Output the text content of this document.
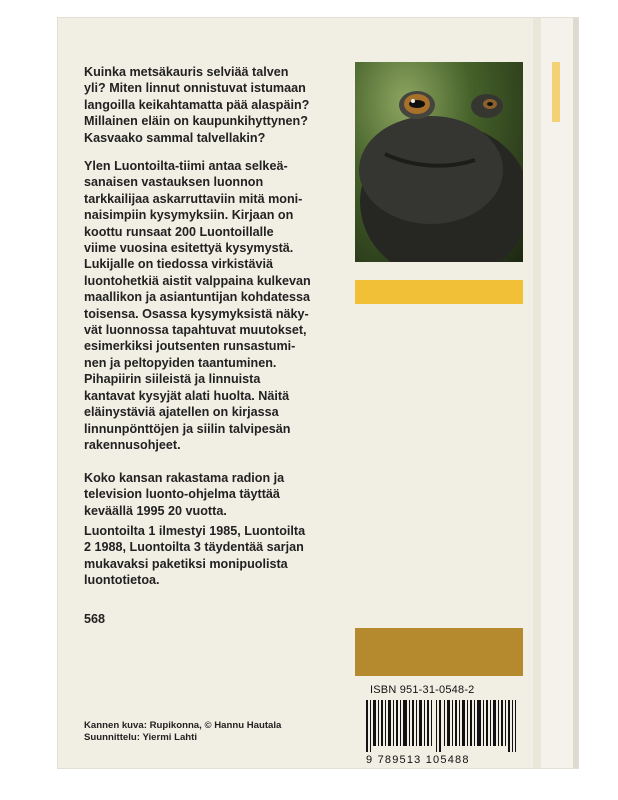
Kuinka metsäkauris selviää talven
yli? Miten linnut onnistuvat istumaan
langoilla keikahtamatta pää alaspäin?
Millainen eläin on kaupunkihyttynen?
Kasvaako sammal talvellakin?
Ylen Luontoilta-tiimi antaa selkeä-
sanaisen vastauksen luonnon
tarkkailijaa askarruttaviin mitä moni-
naisimpiin kysymyksiin. Kirjaan on
koottu runsaat 200 Luontoillalle
viime vuosina esitettyä kysymystä.
Lukijalle on tiedossa virkistäviä
luontohetkiä aistit valppaina kulkevan
maallikon ja asiantuntijan kohdatessa
toisensa. Osassa kysymyksistä näky-
vät luonnossa tapahtuvat muutokset,
esimerkiksi joutsenten runsastumi-
nen ja peltopyiden taantuminen.
Pihapiirin siileistä ja linnuista
kantavat kysyjät alati huolta. Näitä
eläinystäviä ajatellen on kirjassa
linnunpönttöjen ja siilin talvipesän
rakennusohjeet.
Koko kansan rakastama radion ja
television luonto-ohjelma täyttää
keväällä 1995 20 vuotta.
Luontoilta 1 ilmestyi 1985, Luontoilta
2 1988, Luontoilta 3 täydentää sarjan
mukavaksi paketiksi monipuolista
luontotietoa.
568
ISBN 951-31-0548-2
9 789513 105488
Kannen kuva: Rupikonna, © Hannu Hautala
Suunnittelu: Yiermi Lahti
